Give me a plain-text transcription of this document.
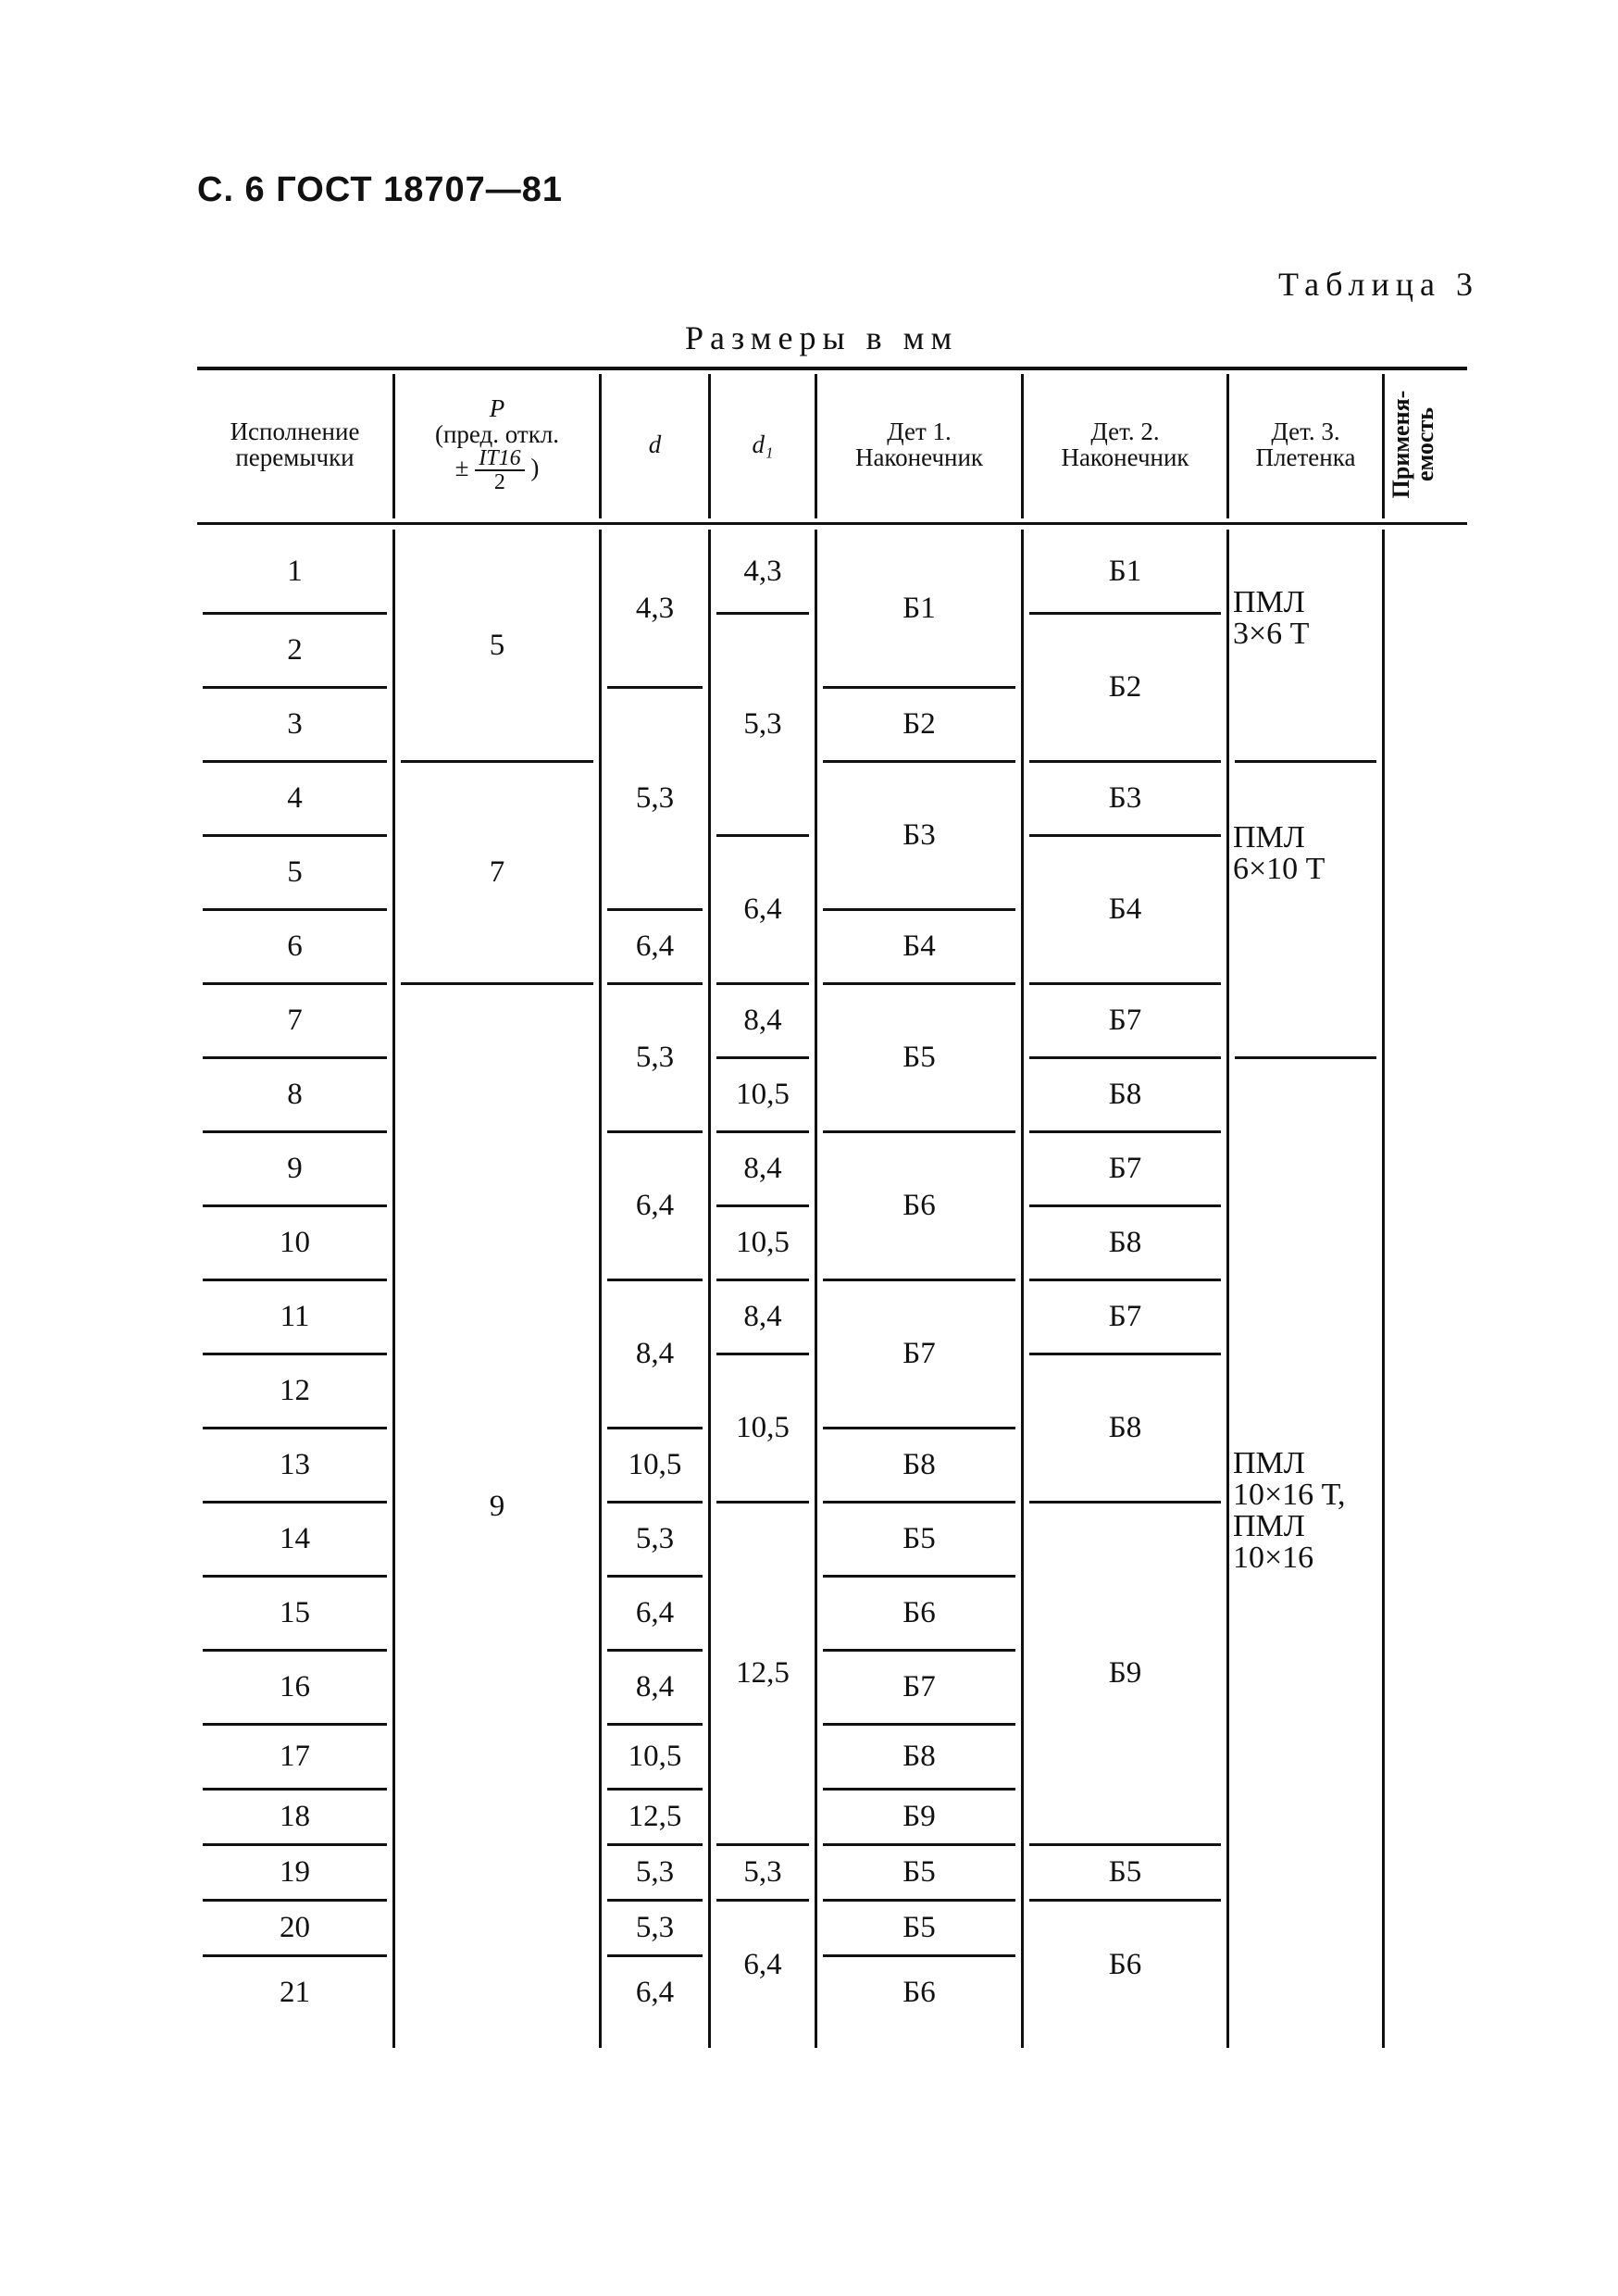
С. 6 ГОСТ 18707—81
Таблица 3
Размеры в мм
Исполнение
перемычки
P
(пред. откл.
± $\frac{IT16}{2}$ )
d	d₁	Дет 1.
Наконечник
Дет. 2.
Наконечник
Дет. 3.
Плетенка Применя-
емость
1
2
3
4
5
6
7
8
9
10
11
12
13
14
15
16
17
18
19
20
21
5
7
9
4,3
5,3
6,4
5,3
6,4
8,4
10,5
5,3
6,4
8,4
10,5
12,5
5,3
5,3
6,4
4,3
5,3
6,4
8,4
10,5
8,4
10,5
8,4
10,5
12,5
5,3
6,4
Б1
Б2
Б3
Б4
Б5
Б6
Б7
Б8
Б5
Б6
Б7
Б8
Б9
Б5
Б5
Б6
Б1
Б2
Б3
Б4
Б7
Б8
Б7
Б8
Б7
Б8
Б9
Б5
Б6
ПМЛ
3×6 Т
ПМЛ
6×10 Т
ПМЛ
10×16 Т,
ПМЛ
10×16
